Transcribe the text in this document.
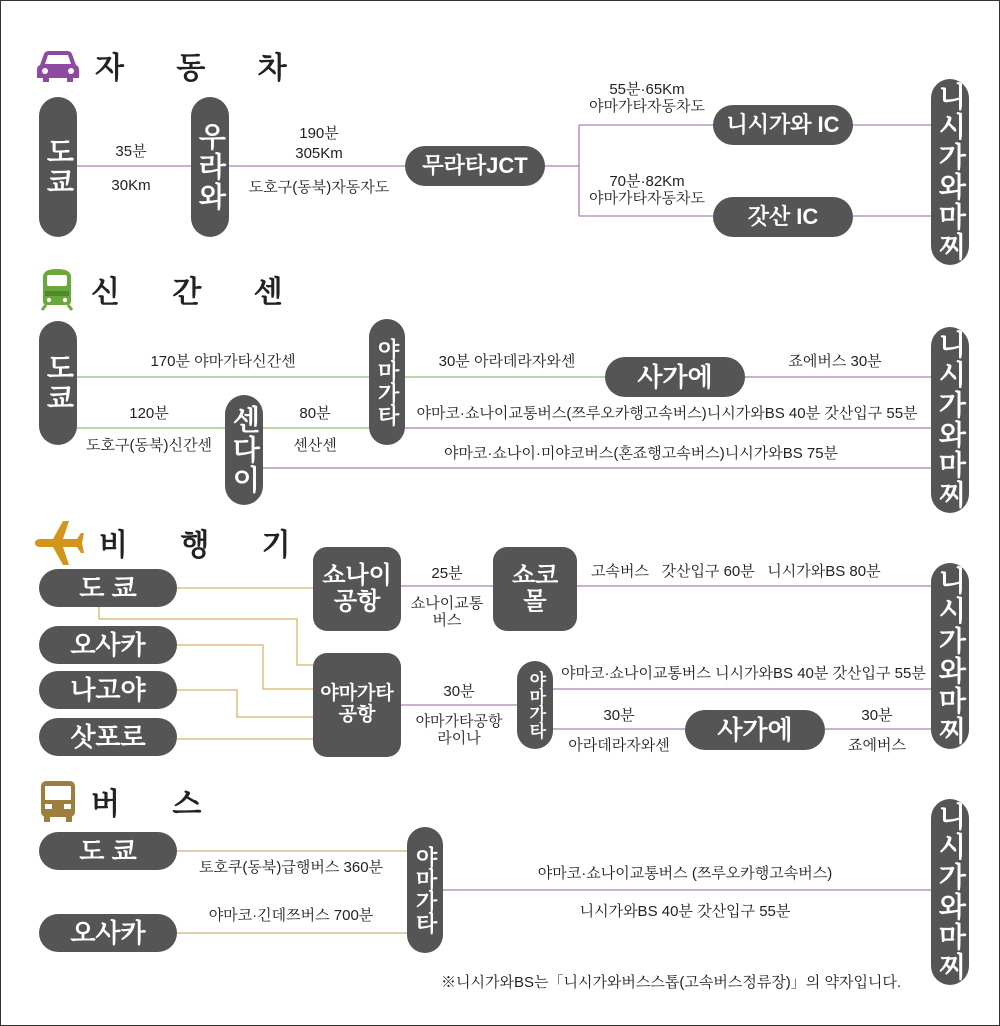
자 동 차
신 간 센
비 행 기
버 스
도쿄	우라와	무라타JCT
니시가와 IC
갓산 IC	니시가와마찌
35분
30Km
190분
305Km
도호구(동북)자동자도
55분·65Km
야마가타자동차도
70분·82Km
야마가타자동차도
도쿄
센다이
야마가타	사가에	니시가와마찌
170분 야마가타신간센
120분
도호구(동북)신간센
80분
센산센
30분 아라데라자와센	죠에버스 30분
야마코·쇼나이교통버스(쯔루오카행고속버스)니시가와BS 40분 갓산입구 55분
야마코·쇼나이·미야코버스(혼죠행고속버스)니시가와BS 75분
도 쿄
오사카
나고야
삿포로
쇼나이
공항
야마가타
공항
쇼코
몰
야마가타	사가에	니시가와마찌
25분
쇼나이교통
버스
고속버스   갓산입구 60분   니시가와BS 80분
30분
야마가타공항
라이나
야마코·쇼나이교통버스 니시가와BS 40분 갓산입구 55분
30분
아라데라자와센
30분
죠에버스
도 쿄
오사카	야마가타	니시가와마찌
토호쿠(동북)급행버스 360분
야마코·긴데쯔버스 700분
야마코·쇼나이교통버스 (쯔루오카행고속버스)
니시가와BS 40분 갓산입구 55분
※니시가와BS는「니시가와버스스톱(고속버스정류장)」의 약자입니다.
